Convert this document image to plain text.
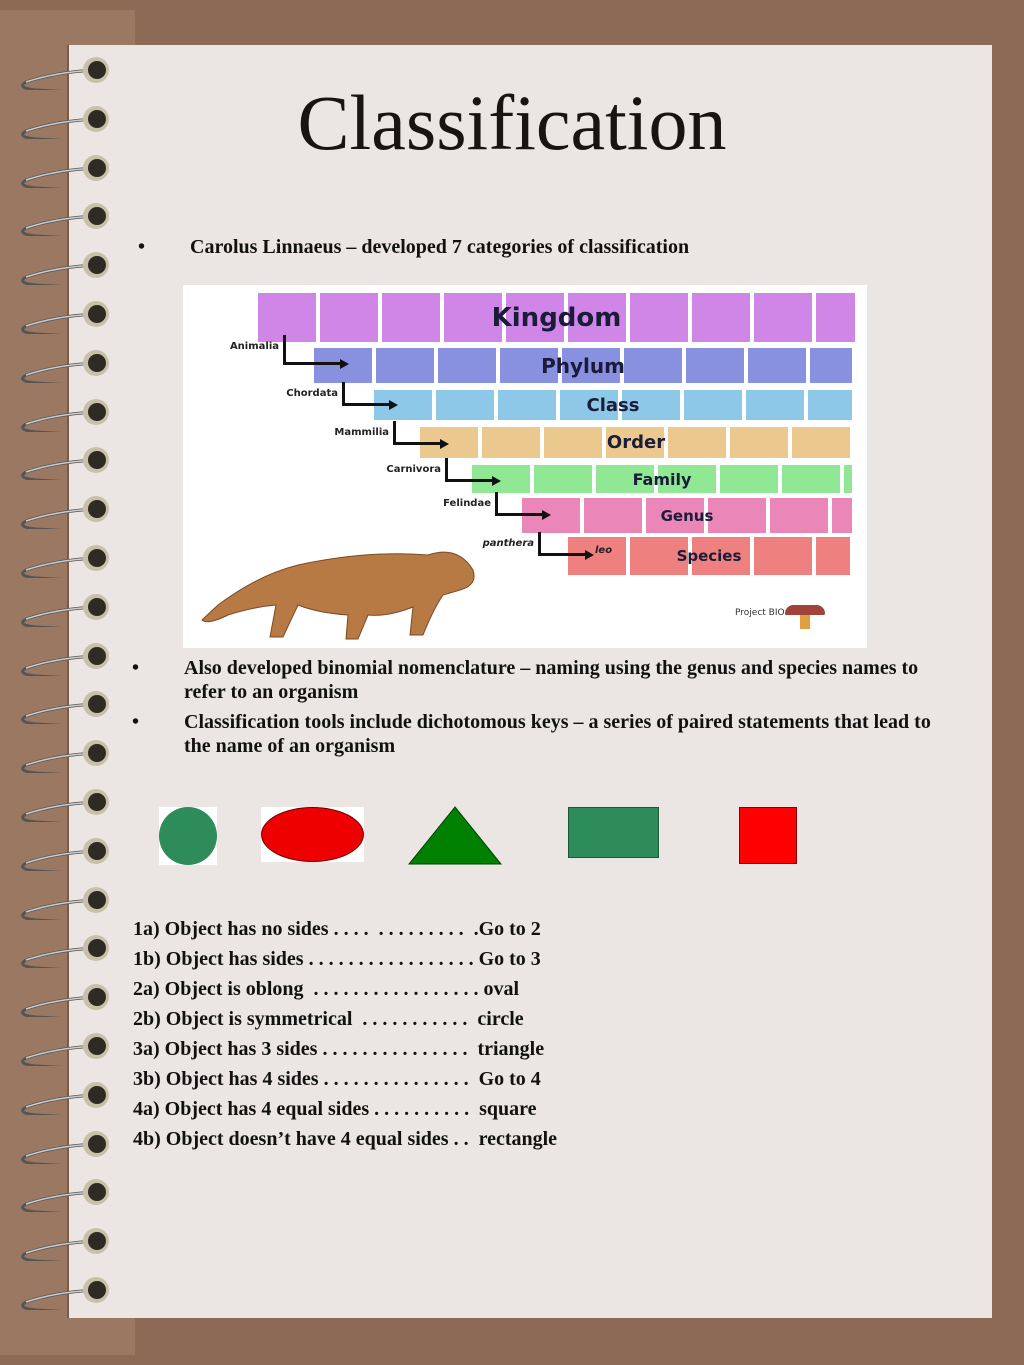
Classification
• Carolus Linnaeus – developed 7 categories of classification
Kingdom
Phylum
Class
Order
Family
Genus
Species
Animalia
Chordata
Mammilia
Carnivora
Felindae
panthera
leo
Project BIO
• Also developed binomial nomenclature – naming using the genus and species names to refer to an organism
• Classification tools include dichotomous keys – a series of paired statements that lead to the name of an organism
1a) Object has no sides . . . .  . . . . . . . . .  .Go to 2
1b) Object has sides . . . . . . . . . . . . . . . . . Go to 3
2a) Object is oblong  . . . . . . . . . . . . . . . . . oval
2b) Object is symmetrical  . . . . . . . . . . .  circle
3a) Object has 3 sides . . . . . . . . . . . . . . .  triangle
3b) Object has 4 sides . . . . . . . . . . . . . . .  Go to 4
4a) Object has 4 equal sides . . . . . . . . . .  square
4b) Object doesn’t have 4 equal sides . .  rectangle
